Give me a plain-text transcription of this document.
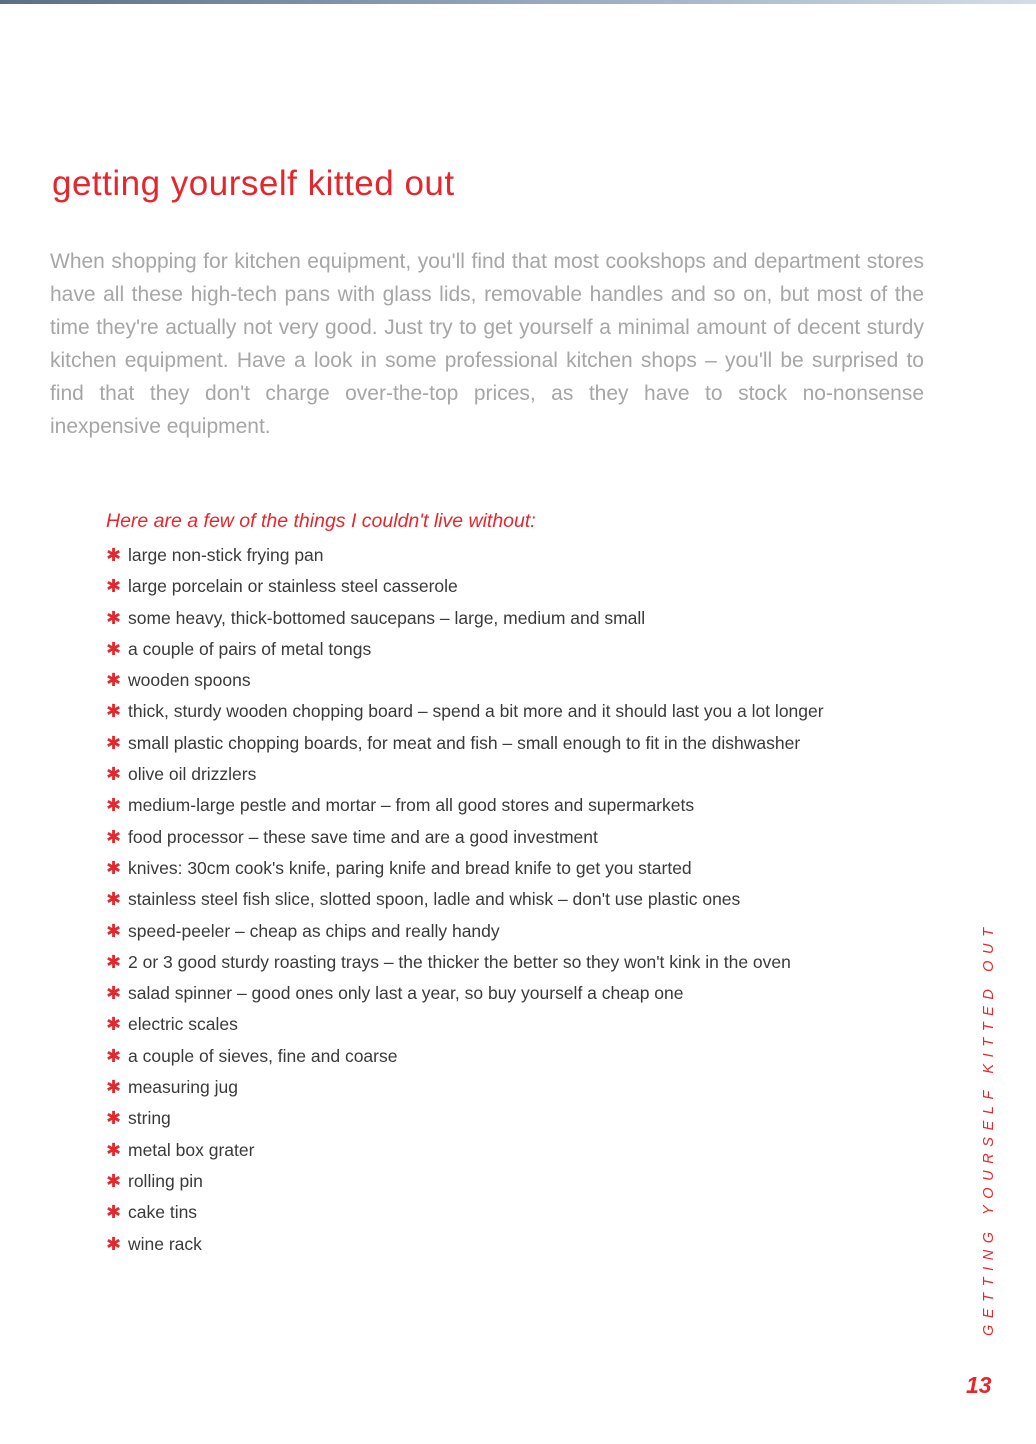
getting yourself kitted out

When shopping for kitchen equipment, you'll find that most cookshops and department stores have all these high-tech pans with glass lids, removable handles and so on, but most of the time they're actually not very good. Just try to get yourself a minimal amount of decent sturdy kitchen equipment. Have a look in some professional kitchen shops – you'll be surprised to find that they don't charge over-the-top prices, as they have to stock no-nonsense inexpensive equipment.

Here are a few of the things I couldn't live without:
✱ large non-stick frying pan
✱ large porcelain or stainless steel casserole
✱ some heavy, thick-bottomed saucepans – large, medium and small
✱ a couple of pairs of metal tongs
✱ wooden spoons
✱ thick, sturdy wooden chopping board – spend a bit more and it should last you a lot longer
✱ small plastic chopping boards, for meat and fish – small enough to fit in the dishwasher
✱ olive oil drizzlers
✱ medium-large pestle and mortar – from all good stores and supermarkets
✱ food processor – these save time and are a good investment
✱ knives: 30cm cook's knife, paring knife and bread knife to get you started
✱ stainless steel fish slice, slotted spoon, ladle and whisk – don't use plastic ones
✱ speed-peeler – cheap as chips and really handy
✱ 2 or 3 good sturdy roasting trays – the thicker the better so they won't kink in the oven
✱ salad spinner – good ones only last a year, so buy yourself a cheap one
✱ electric scales
✱ a couple of sieves, fine and coarse
✱ measuring jug
✱ string
✱ metal box grater
✱ rolling pin
✱ cake tins
✱ wine rack	GETTING YOURSELF KITTED OUT
13
